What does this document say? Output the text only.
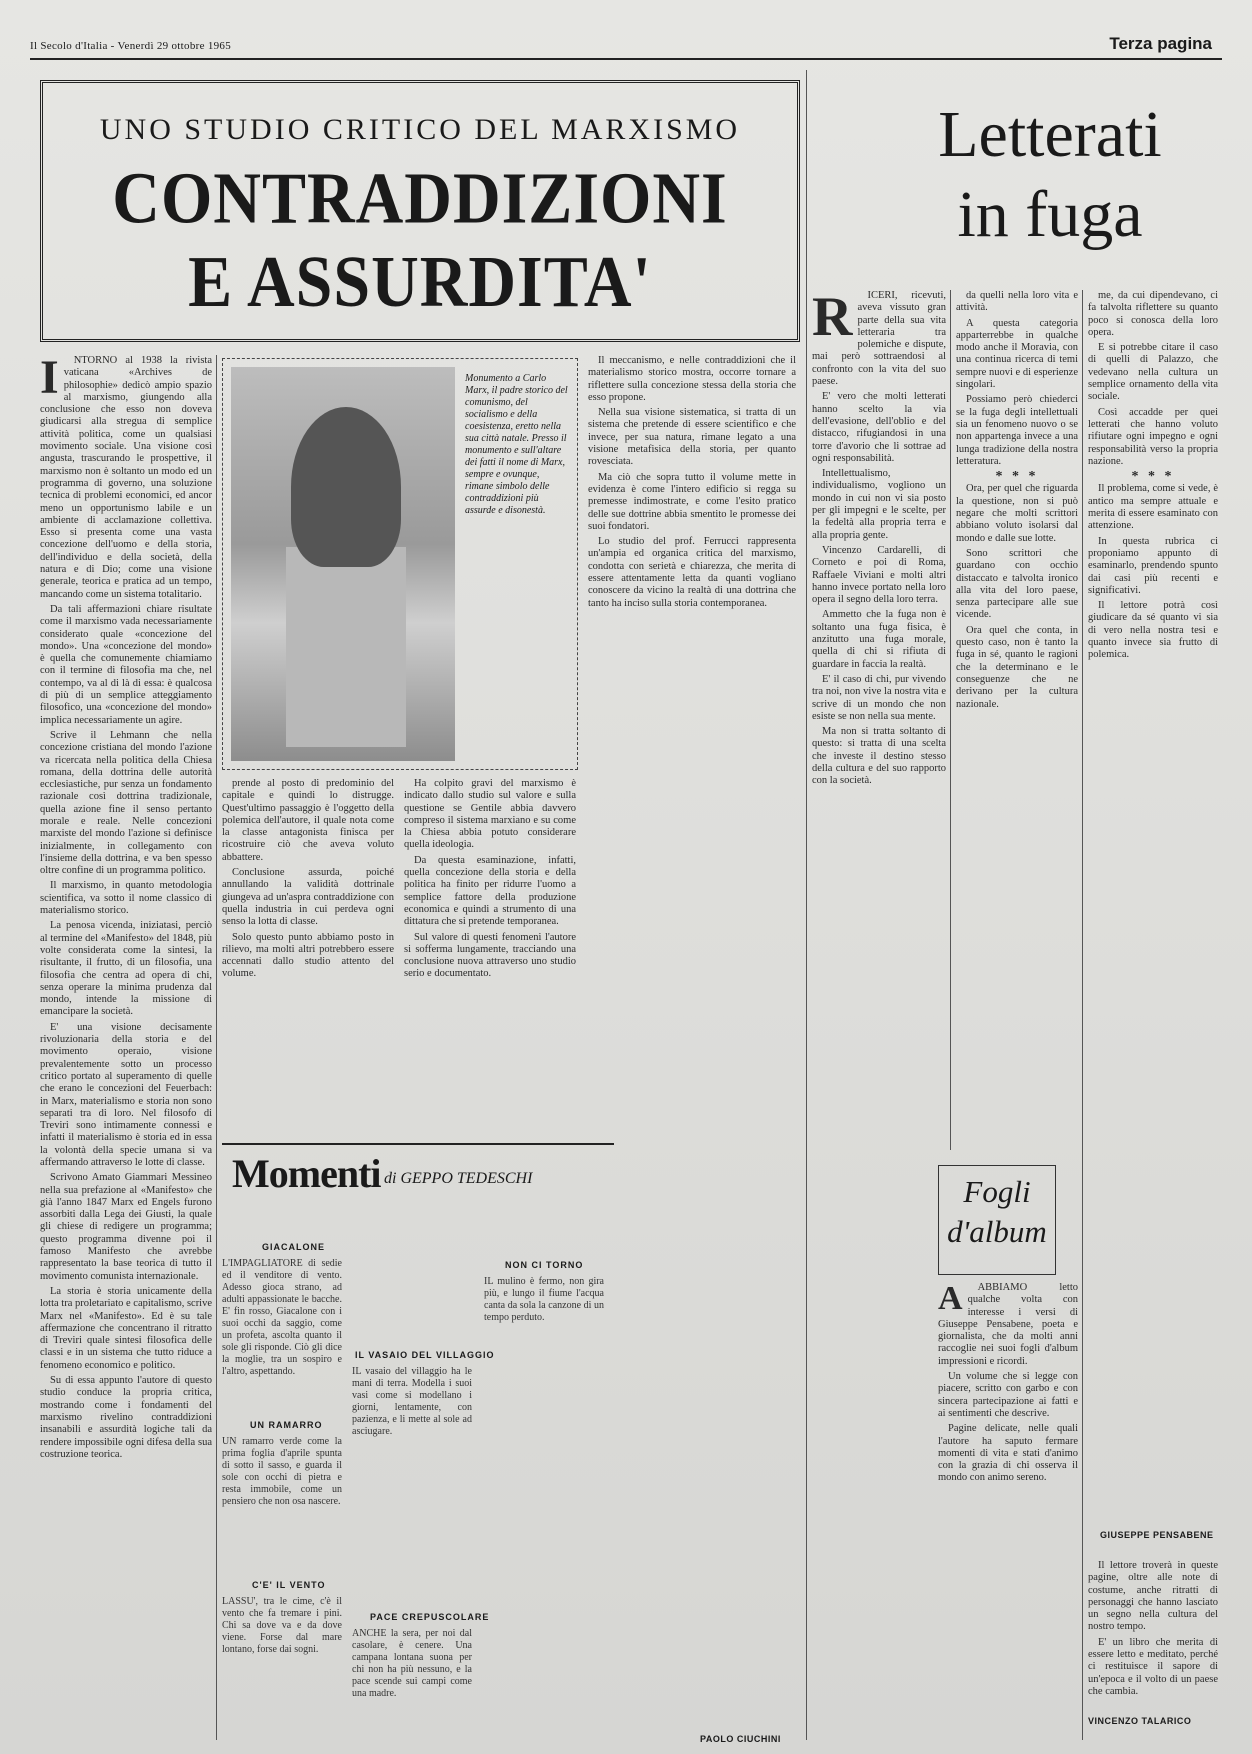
Il Secolo d'Italia - Venerdì 29 ottobre 1965	Terza pagina
UNO STUDIO CRITICO DEL MARXISMO
CONTRADDIZIONI
E ASSURDITA'
Letterati
in fuga
I	NTORNO al 1938 la rivista vaticana «Archives de philosophie» dedicò ampio spazio al marxismo, giungendo alla conclusione che esso non doveva giudicarsi alla stregua di semplice attività politica, come un qualsiasi movimento sociale. Una visione così angusta, trascurando le prospettive, il marxismo non è soltanto un modo ed un programma di governo, una soluzione tecnica di problemi economici, ed ancor meno un opportunismo labile e un ambiente di acclamazione collettiva. Esso si presenta come una vasta concezione dell'uomo e della storia, dell'individuo e della società, della natura e di Dio; come una visione generale, teorica e pratica ad un tempo, mancando come un sistema totalitario.

Da tali affermazioni chiare risultate come il marxismo vada necessariamente considerato quale «concezione del mondo». Una «concezione del mondo» è quella che comunemente chiamiamo con il termine di filosofia ma che, nel contempo, va al di là di essa: è qualcosa di più di un semplice atteggiamento filosofico, una «concezione del mondo» implica necessariamente un agire.

Scrive il Lehmann che nella concezione cristiana del mondo l'azione va ricercata nella politica della Chiesa romana, della dottrina delle autorità ecclesiastiche, pur senza un fondamento razionale così dottrina tradizionale, quella azione fine il senso pertanto morale e reale. Nelle concezioni marxiste del mondo l'azione si definisce inizialmente, in collegamento con l'insieme della dottrina, e va ben spesso oltre confine di un programma politico.

Il marxismo, in quanto metodologia scientifica, va sotto il nome classico di materialismo storico.

La penosa vicenda, iniziatasi, perciò al termine del «Manifesto» del 1848, più volte considerata come la sintesi, la risultante, il frutto, di un filosofia, una filosofia che centra ad opera di chi, senza operare la minima prudenza dal mondo, intende la missione di emancipare la società.

E' una visione decisamente rivoluzionaria della storia e del movimento operaio, visione prevalentemente sotto un processo critico portato al superamento di quelle che erano le concezioni del Feuerbach: in Marx, materialismo e storia non sono separati tra di loro. Nel filosofo di Treviri sono intimamente connessi e infatti il materialismo è storia ed in essa la volontà della specie umana si va affermando attraverso le lotte di classe.

Scrivono Amato Giammari Messineo nella sua prefazione al «Manifesto» che già l'anno 1847 Marx ed Engels furono assorbiti dalla Lega dei Giusti, la quale gli chiese di redigere un programma; questo programma divenne poi il famoso Manifesto che avrebbe rappresentato la base teorica di tutto il movimento comunista internazionale.

La storia è storia unicamente della lotta tra proletariato e capitalismo, scrive Marx nel «Manifesto». Ed è su tale affermazione che concentrano il ritratto di Treviri quale sintesi filosofica delle classi e in un sistema che tutto riduce a fenomeno economico e politico.

Su di essa appunto l'autore di questo studio conduce la propria critica, mostrando come i fondamenti del marxismo rivelino contraddizioni insanabili e assurdità logiche tali da rendere impossibile ogni difesa della sua costruzione teorica.

Monumento a Carlo Marx, il padre storico del comunismo, del socialismo e della coesistenza, eretto nella sua città natale. Presso il monumento e sull'altare dei fatti il nome di Marx, sempre e ovunque, rimane simbolo delle contraddizioni più assurde e disonestà.

prende al posto di predominio del capitale e quindi lo distrugge. Quest'ultimo passaggio è l'oggetto della polemica dell'autore, il quale nota come la classe antagonista finisca per ricostruire ciò che aveva voluto abbattere.

Conclusione assurda, poiché annullando la validità dottrinale giungeva ad un'aspra contraddizione con quella industria in cui perdeva ogni senso la lotta di classe.

Solo questo punto abbiamo posto in rilievo, ma molti altri potrebbero essere accennati dallo studio attento del volume.

Ha colpito gravi del marxismo è indicato dallo studio sul valore e sulla questione se Gentile abbia davvero compreso il sistema marxiano e su come la Chiesa abbia potuto considerare quella ideologia.

Da questa esaminazione, infatti, quella concezione della storia e della politica ha finito per ridurre l'uomo a semplice fattore della produzione economica e quindi a strumento di una dittatura che si pretende temporanea.

Sul valore di questi fenomeni l'autore si sofferma lungamente, tracciando una conclusione nuova attraverso uno studio serio e documentato.

Il meccanismo, e nelle contraddizioni che il materialismo storico mostra, occorre tornare a riflettere sulla concezione stessa della storia che esso propone.

Nella sua visione sistematica, si tratta di un sistema che pretende di essere scientifico e che invece, per sua natura, rimane legato a una visione metafisica della storia, per quanto rovesciata.

Ma ciò che sopra tutto il volume mette in evidenza è come l'intero edificio si regga su premesse indimostrate, e come l'esito pratico delle sue dottrine abbia smentito le promesse dei suoi fondatori.

Lo studio del prof. Ferrucci rappresenta un'ampia ed organica critica del marxismo, condotta con serietà e chiarezza, che merita di essere attentamente letta da quanti vogliano conoscere da vicino la realtà di una dottrina che tanto ha inciso sulla storia contemporanea.

PAOLO CIUCHINI
Momenti di GEPPO TEDESCHI
GIACALONE
L'IMPAGLIATORE di sedie ed il venditore di vento. Adesso gioca strano, ad adulti appassionate le bacche. E' fin rosso, Giacalone con i suoi occhi da saggio, come un profeta, ascolta quanto il sole gli risponde. Ciò gli dice la moglie, tra un sospiro e l'altro, aspettando.
UN RAMARRO
UN ramarro verde come la prima foglia d'aprile spunta di sotto il sasso, e guarda il sole con occhi di pietra e resta immobile, come un pensiero che non osa nascere.
C'E' IL VENTO
LASSU', tra le cime, c'è il vento che fa tremare i pini. Chi sa dove va e da dove viene. Forse dal mare lontano, forse dai sogni.
IL VASAIO DEL VILLAGGIO
IL vasaio del villaggio ha le mani di terra. Modella i suoi vasi come si modellano i giorni, lentamente, con pazienza, e li mette al sole ad asciugare.
PACE CREPUSCOLARE
ANCHE la sera, per noi dal casolare, è cenere. Una campana lontana suona per chi non ha più nessuno, e la pace scende sui campi come una madre.
NON CI TORNO
IL mulino è fermo, non gira più, e lungo il fiume l'acqua canta da sola la canzone di un tempo perduto.
R	ICERI, ricevuti, aveva vissuto gran parte della sua vita letteraria tra polemiche e dispute, mai però sottraendosi al confronto con la vita del suo paese.

E' vero che molti letterati hanno scelto la via dell'evasione, dell'oblio e del distacco, rifugiandosi in una torre d'avorio che li sottrae ad ogni responsabilità.

Intellettualismo, individualismo, vogliono un mondo in cui non vi sia posto per gli impegni e le scelte, per la fedeltà alla propria terra e alla propria gente.

Vincenzo Cardarelli, di Corneto e poi di Roma, Raffaele Viviani e molti altri hanno invece portato nella loro opera il segno della loro terra.

Ammetto che la fuga non è soltanto una fuga fisica, è anzitutto una fuga morale, quella di chi si rifiuta di guardare in faccia la realtà.

E' il caso di chi, pur vivendo tra noi, non vive la nostra vita e scrive di un mondo che non esiste se non nella sua mente.

Ma non si tratta soltanto di questo: si tratta di una scelta che investe il destino stesso della cultura e del suo rapporto con la società.

da quelli nella loro vita e attività.

A questa categoria apparterrebbe in qualche modo anche il Moravia, con una continua ricerca di temi sempre nuovi e di esperienze singolari.

Possiamo però chiederci se la fuga degli intellettuali sia un fenomeno nuovo o se non appartenga invece a una lunga tradizione della nostra letteratura.

* * *

Ora, per quel che riguarda la questione, non si può negare che molti scrittori abbiano voluto isolarsi dal mondo e dalle sue lotte.

Sono scrittori che guardano con occhio distaccato e talvolta ironico alla vita del loro paese, senza partecipare alle sue vicende.

Ora quel che conta, in questo caso, non è tanto la fuga in sé, quanto le ragioni che la determinano e le conseguenze che ne derivano per la cultura nazionale.

me, da cui dipendevano, ci fa talvolta riflettere su quanto poco si conosca della loro opera.

E si potrebbe citare il caso di quelli di Palazzo, che vedevano nella cultura un semplice ornamento della vita sociale.

Così accadde per quei letterati che hanno voluto rifiutare ogni impegno e ogni responsabilità verso la propria nazione.

* * *

Il problema, come si vede, è antico ma sempre attuale e merita di essere esaminato con attenzione.

In questa rubrica ci proponiamo appunto di esaminarlo, prendendo spunto dai casi più recenti e significativi.

Il lettore potrà così giudicare da sé quanto vi sia di vero nella nostra tesi e quanto invece sia frutto di polemica.

GIUSEPPE PENSABENE
Fogli
d'album
A	ABBIAMO letto qualche volta con interesse i versi di Giuseppe Pensabene, poeta e giornalista, che da molti anni raccoglie nei suoi fogli d'album impressioni e ricordi.

Un volume che si legge con piacere, scritto con garbo e con sincera partecipazione ai fatti e ai sentimenti che descrive.

Pagine delicate, nelle quali l'autore ha saputo fermare momenti di vita e stati d'animo con la grazia di chi osserva il mondo con animo sereno.

Il lettore troverà in queste pagine, oltre alle note di costume, anche ritratti di personaggi che hanno lasciato un segno nella cultura del nostro tempo.

E' un libro che merita di essere letto e meditato, perché ci restituisce il sapore di un'epoca e il volto di un paese che cambia.

VINCENZO TALARICO
